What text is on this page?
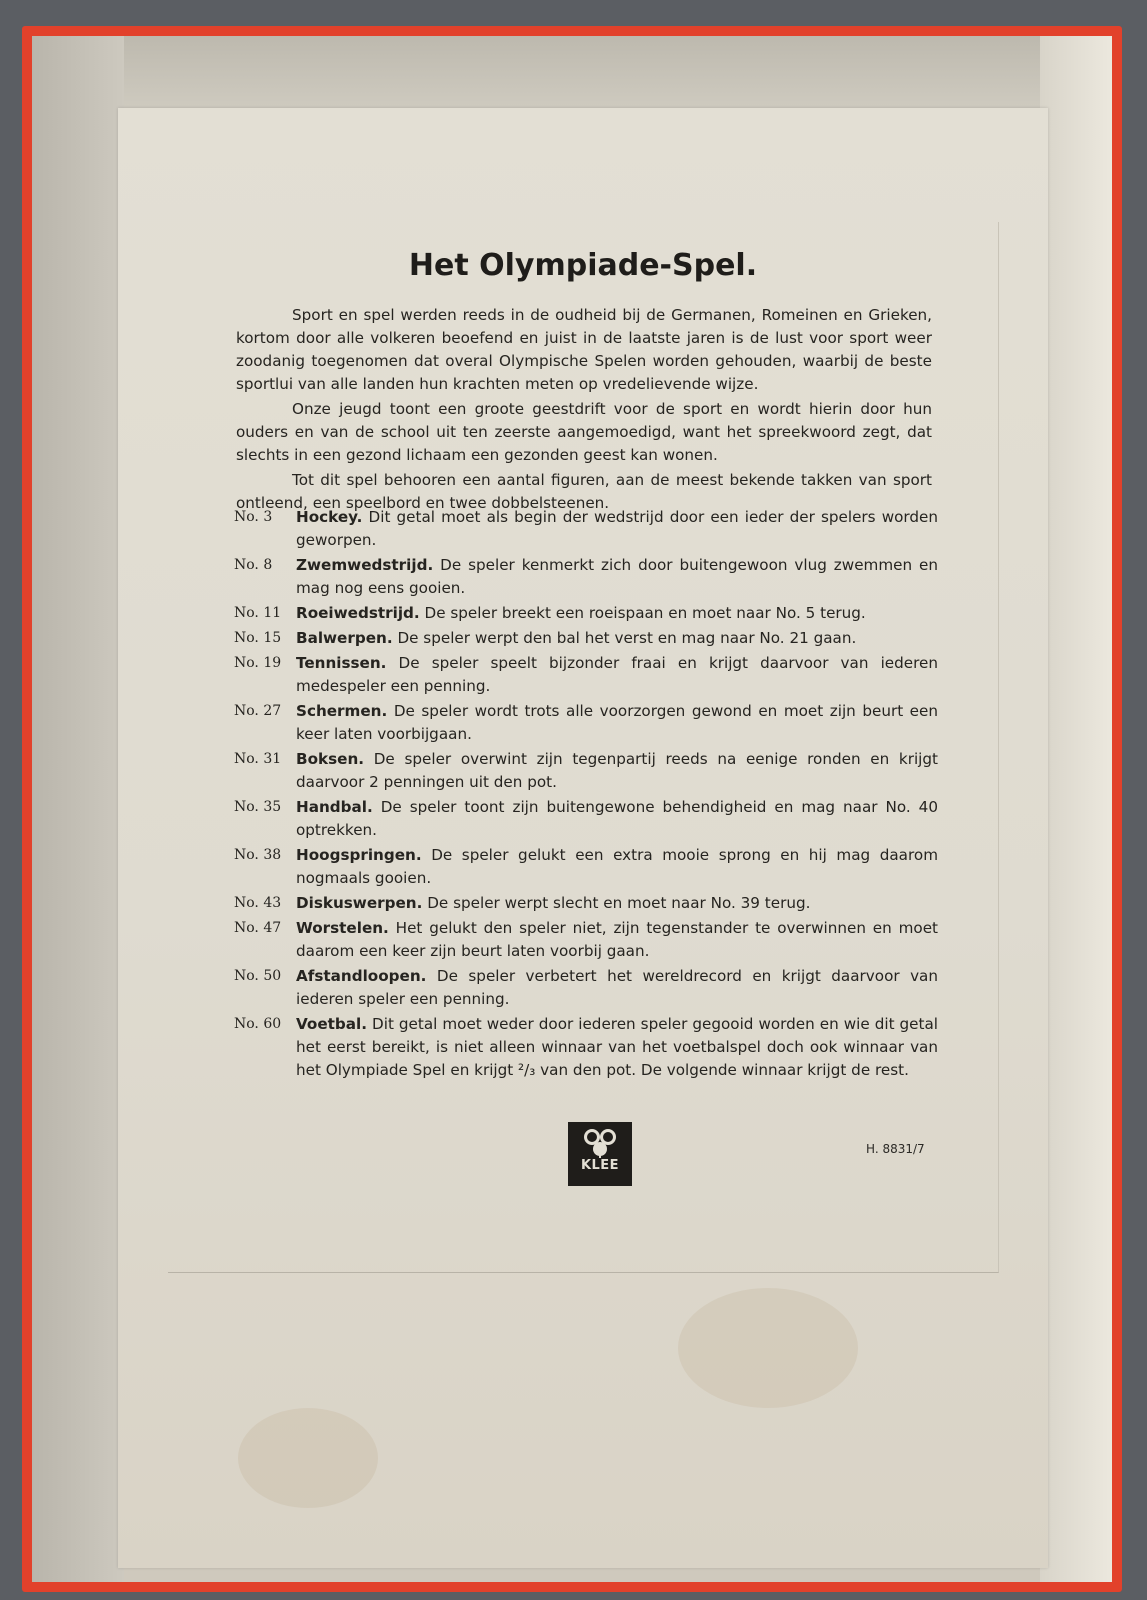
Het Olympiade-Spel.

Sport en spel werden reeds in de oudheid bij de Germanen, Romeinen en Grieken, kortom door alle volkeren beoefend en juist in de laatste jaren is de lust voor sport weer zoodanig toegenomen dat overal Olympische Spelen worden gehouden, waarbij de beste sportlui van alle landen hun krachten meten op vredelievende wijze.

Onze jeugd toont een groote geestdrift voor de sport en wordt hierin door hun ouders en van de school uit ten zeerste aangemoedigd, want het spreekwoord zegt, dat slechts in een gezond lichaam een gezonden geest kan wonen.

Tot dit spel behooren een aantal figuren, aan de meest bekende takken van sport ontleend, een speelbord en twee dobbelsteenen.

No. 3	Hockey. Dit getal moet als begin der wedstrijd door een ieder der spelers worden geworpen.
No. 8	Zwemwedstrijd. De speler kenmerkt zich door buitengewoon vlug zwemmen en mag nog eens gooien.
No. 11 Roeiwedstrijd. De speler breekt een roeispaan en moet naar No. 5 terug.
No. 15 Balwerpen. De speler werpt den bal het verst en mag naar No. 21 gaan.
No. 19 Tennissen. De speler speelt bijzonder fraai en krijgt daarvoor van iederen medespeler een penning.
No. 27 Schermen. De speler wordt trots alle voorzorgen gewond en moet zijn beurt een keer laten voorbijgaan.
No. 31 Boksen. De speler overwint zijn tegenpartij reeds na eenige ronden en krijgt daarvoor 2 penningen uit den pot.
No. 35 Handbal. De speler toont zijn buitengewone behendigheid en mag naar No. 40 optrekken.
No. 38 Hoogspringen. De speler gelukt een extra mooie sprong en hij mag daarom nogmaals gooien.
No. 43 Diskuswerpen. De speler werpt slecht en moet naar No. 39 terug.
No. 47 Worstelen. Het gelukt den speler niet, zijn tegenstander te overwinnen en moet daarom een keer zijn beurt laten voorbij gaan.
No. 50 Afstandloopen. De speler verbetert het wereldrecord en krijgt daarvoor van iederen speler een penning.
No. 60 Voetbal. Dit getal moet weder door iederen speler gegooid worden en wie dit getal het eerst bereikt, is niet alleen winnaar van het voetbalspel doch ook winnaar van het Olympiade Spel en krijgt ²/₃ van den pot. De volgende winnaar krijgt de rest.
KLEE
H. 8831/7
